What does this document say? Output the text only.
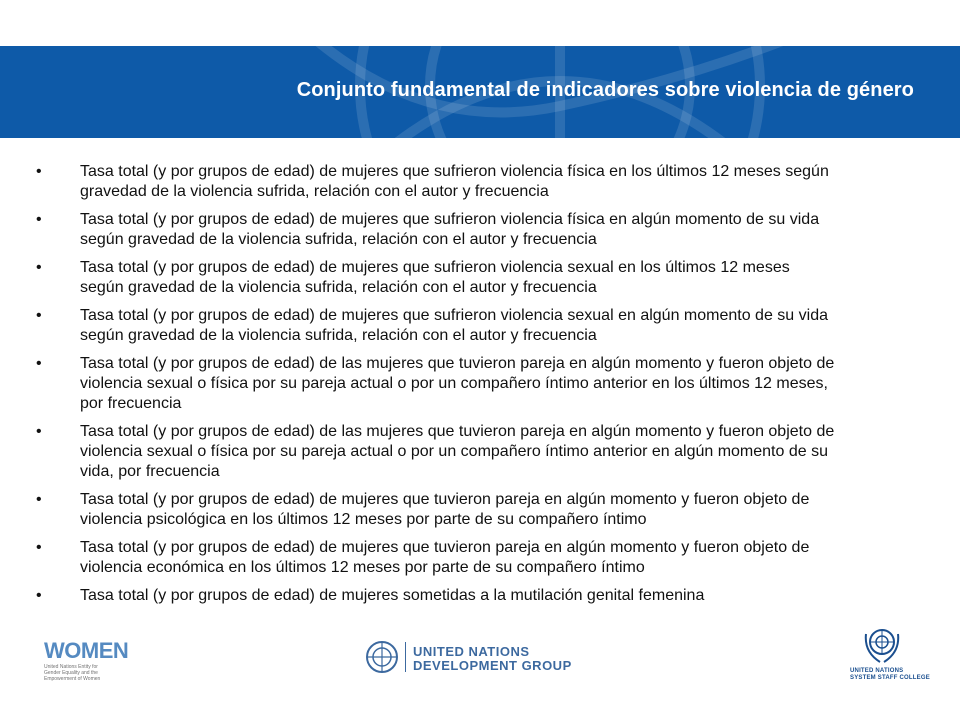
Conjunto fundamental de indicadores sobre violencia de género
• Tasa total (y por grupos de edad) de mujeres que sufrieron violencia física en los últimos 12 meses según gravedad de la violencia sufrida, relación con el autor y frecuencia
• Tasa total (y por grupos de edad) de mujeres que sufrieron violencia física en algún momento de su vida según gravedad de la violencia sufrida, relación con el autor y frecuencia
• Tasa total (y por grupos de edad) de mujeres que sufrieron violencia sexual en los últimos 12 meses según gravedad de la violencia sufrida, relación con el autor y frecuencia
• Tasa total (y por grupos de edad) de mujeres que sufrieron violencia sexual en algún momento de su vida según gravedad de la violencia sufrida, relación con el autor y frecuencia
• Tasa total (y por grupos de edad) de las mujeres que tuvieron pareja en algún momento y fueron objeto de violencia sexual o física por su pareja actual o por un compañero íntimo anterior en los últimos 12 meses, por frecuencia
• Tasa total (y por grupos de edad) de las mujeres que tuvieron pareja en algún momento y fueron objeto de violencia sexual o física por su pareja actual o por un compañero íntimo anterior en algún momento de su vida, por frecuencia
• Tasa total (y por grupos de edad) de mujeres que tuvieron pareja en algún momento y fueron objeto de violencia psicológica en los últimos 12 meses por parte de su compañero íntimo
• Tasa total (y por grupos de edad) de mujeres que tuvieron pareja en algún momento y fueron objeto de violencia económica en los últimos 12 meses por parte de su compañero íntimo
• Tasa total (y por grupos de edad) de mujeres sometidas a la mutilación genital femenina
WOMEN
United Nations Entity for Gender Equality and the Empowerment of Women
UNITED NATIONS
DEVELOPMENT GROUP	UNITED NATIONS
SYSTEM STAFF COLLEGE
